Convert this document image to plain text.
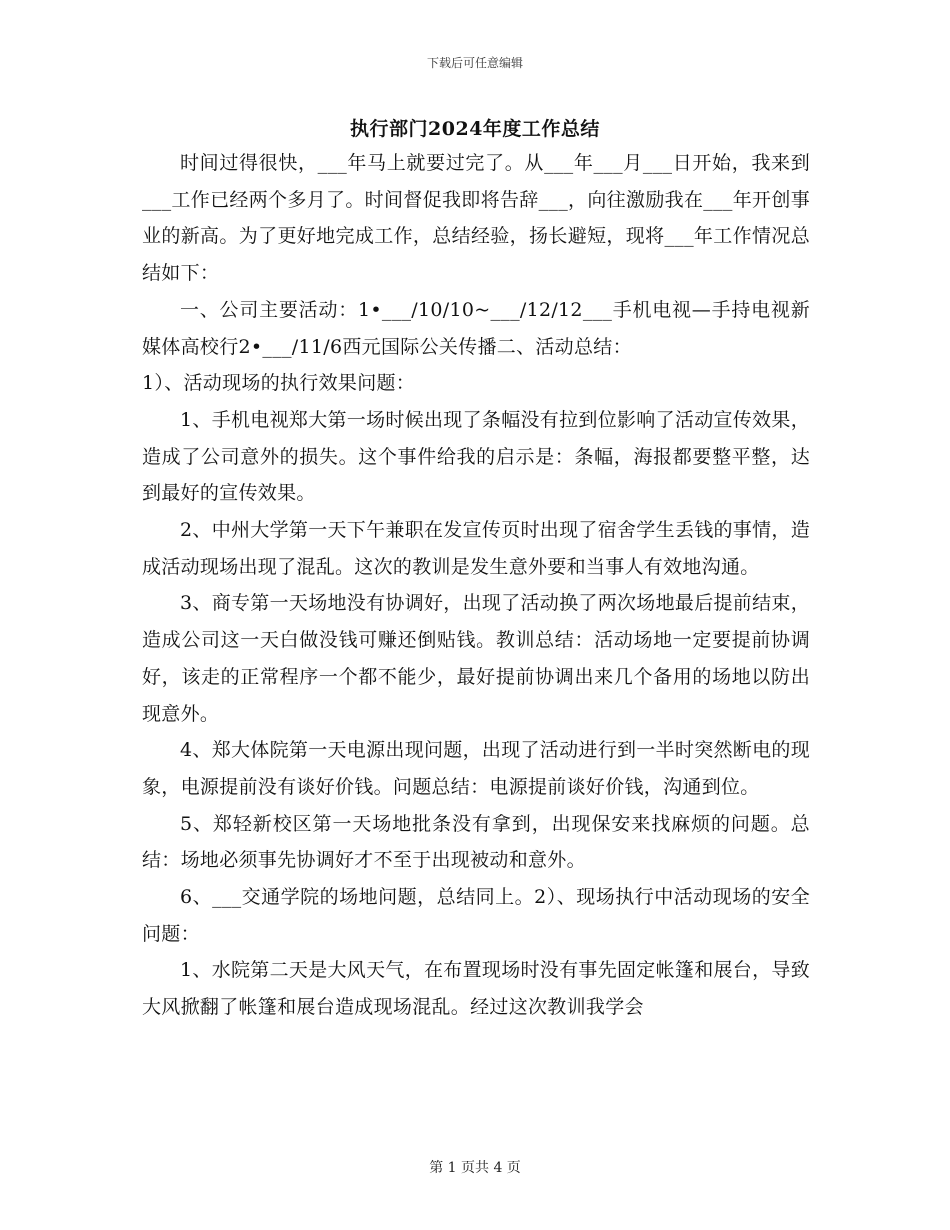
下载后可任意编辑
执行部门2024年度工作总结

时间过得很快，___年马上就要过完了。从___年___月___日开始，我来到___工作已经两个多月了。时间督促我即将告辞___，向往激励我在___年开创事业的新高。为了更好地完成工作，总结经验，扬长避短，现将___年工作情况总结如下：

一、公司主要活动：1•___/10/10~___/12/12___手机电视—手持电视新媒体高校行2•___/11/6西元国际公关传播二、活动总结：

1）、活动现场的执行效果问题：

1、手机电视郑大第一场时候出现了条幅没有拉到位影响了活动宣传效果，造成了公司意外的损失。这个事件给我的启示是：条幅，海报都要整平整，达到最好的宣传效果。

2、中州大学第一天下午兼职在发宣传页时出现了宿舍学生丢钱的事情，造成活动现场出现了混乱。这次的教训是发生意外要和当事人有效地沟通。

3、商专第一天场地没有协调好，出现了活动换了两次场地最后提前结束，造成公司这一天白做没钱可赚还倒贴钱。教训总结：活动场地一定要提前协调好，该走的正常程序一个都不能少，最好提前协调出来几个备用的场地以防出现意外。

4、郑大体院第一天电源出现问题，出现了活动进行到一半时突然断电的现象，电源提前没有谈好价钱。问题总结：电源提前谈好价钱，沟通到位。

5、郑轻新校区第一天场地批条没有拿到，出现保安来找麻烦的问题。总结：场地必须事先协调好才不至于出现被动和意外。

6、___交通学院的场地问题，总结同上。2）、现场执行中活动现场的安全问题：

1、水院第二天是大风天气，在布置现场时没有事先固定帐篷和展台，导致大风掀翻了帐篷和展台造成现场混乱。经过这次教训我学会

第 1 页共 4 页
